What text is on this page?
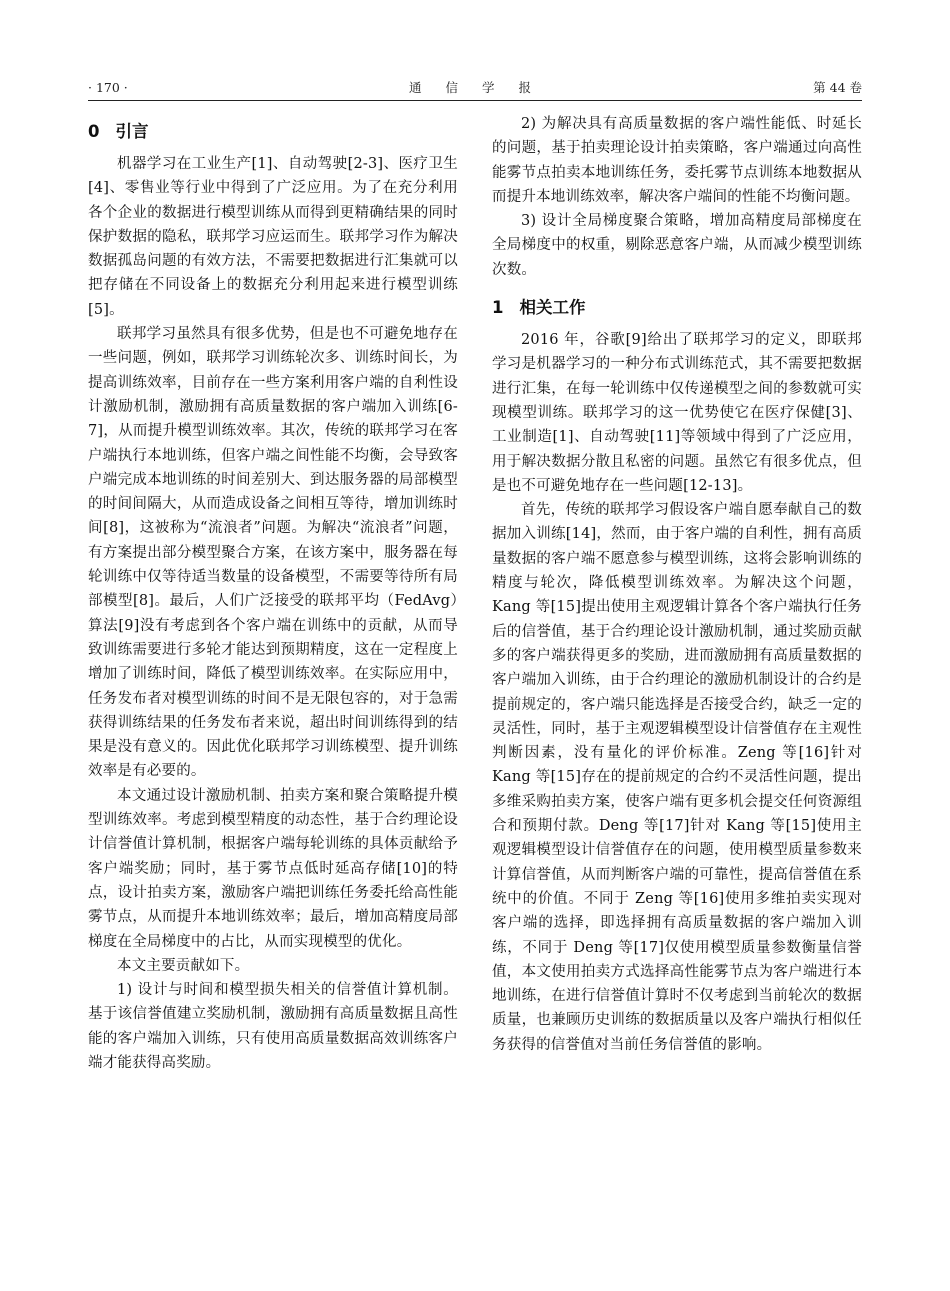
· 170 ·	通 信 学 报	第 44 卷
0 引言

机器学习在工业生产[1]、自动驾驶[2-3]、医疗卫生[4]、零售业等行业中得到了广泛应用。为了在充分利用各个企业的数据进行模型训练从而得到更精确结果的同时保护数据的隐私，联邦学习应运而生。联邦学习作为解决数据孤岛问题的有效方法，不需要把数据进行汇集就可以把存储在不同设备上的数据充分利用起来进行模型训练[5]。

联邦学习虽然具有很多优势，但是也不可避免地存在一些问题，例如，联邦学习训练轮次多、训练时间长，为提高训练效率，目前存在一些方案利用客户端的自利性设计激励机制，激励拥有高质量数据的客户端加入训练[6-7]，从而提升模型训练效率。其次，传统的联邦学习在客户端执行本地训练，但客户端之间性能不均衡，会导致客户端完成本地训练的时间差别大、到达服务器的局部模型的时间间隔大，从而造成设备之间相互等待，增加训练时间[8]，这被称为“流浪者”问题。为解决“流浪者”问题，有方案提出部分模型聚合方案，在该方案中，服务器在每轮训练中仅等待适当数量的设备模型，不需要等待所有局部模型[8]。最后，人们广泛接受的联邦平均（FedAvg）算法[9]没有考虑到各个客户端在训练中的贡献，从而导致训练需要进行多轮才能达到预期精度，这在一定程度上增加了训练时间，降低了模型训练效率。在实际应用中，任务发布者对模型训练的时间不是无限包容的，对于急需获得训练结果的任务发布者来说，超出时间训练得到的结果是没有意义的。因此优化联邦学习训练模型、提升训练效率是有必要的。

本文通过设计激励机制、拍卖方案和聚合策略提升模型训练效率。考虑到模型精度的动态性，基于合约理论设计信誉值计算机制，根据客户端每轮训练的具体贡献给予客户端奖励；同时，基于雾节点低时延高存储[10]的特点，设计拍卖方案，激励客户端把训练任务委托给高性能雾节点，从而提升本地训练效率；最后，增加高精度局部梯度在全局梯度中的占比，从而实现模型的优化。

本文主要贡献如下。

1) 设计与时间和模型损失相关的信誉值计算机制。基于该信誉值建立奖励机制，激励拥有高质量数据且高性能的客户端加入训练，只有使用高质量数据高效训练客户端才能获得高奖励。

2) 为解决具有高质量数据的客户端性能低、时延长的问题，基于拍卖理论设计拍卖策略，客户端通过向高性能雾节点拍卖本地训练任务，委托雾节点训练本地数据从而提升本地训练效率，解决客户端间的性能不均衡问题。

3) 设计全局梯度聚合策略，增加高精度局部梯度在全局梯度中的权重，剔除恶意客户端，从而减少模型训练次数。

1 相关工作

2016 年，谷歌[9]给出了联邦学习的定义，即联邦学习是机器学习的一种分布式训练范式，其不需要把数据进行汇集，在每一轮训练中仅传递模型之间的参数就可实现模型训练。联邦学习的这一优势使它在医疗保健[3]、工业制造[1]、自动驾驶[11]等领域中得到了广泛应用，用于解决数据分散且私密的问题。虽然它有很多优点，但是也不可避免地存在一些问题[12-13]。

首先，传统的联邦学习假设客户端自愿奉献自己的数据加入训练[14]，然而，由于客户端的自利性，拥有高质量数据的客户端不愿意参与模型训练，这将会影响训练的精度与轮次，降低模型训练效率。为解决这个问题，Kang 等[15]提出使用主观逻辑计算各个客户端执行任务后的信誉值，基于合约理论设计激励机制，通过奖励贡献多的客户端获得更多的奖励，进而激励拥有高质量数据的客户端加入训练，由于合约理论的激励机制设计的合约是提前规定的，客户端只能选择是否接受合约，缺乏一定的灵活性，同时，基于主观逻辑模型设计信誉值存在主观性判断因素，没有量化的评价标准。Zeng 等[16]针对 Kang 等[15]存在的提前规定的合约不灵活性问题，提出多维采购拍卖方案，使客户端有更多机会提交任何资源组合和预期付款。Deng 等[17]针对 Kang 等[15]使用主观逻辑模型设计信誉值存在的问题，使用模型质量参数来计算信誉值，从而判断客户端的可靠性，提高信誉值在系统中的价值。不同于 Zeng 等[16]使用多维拍卖实现对客户端的选择，即选择拥有高质量数据的客户端加入训练，不同于 Deng 等[17]仅使用模型质量参数衡量信誉值，本文使用拍卖方式选择高性能雾节点为客户端进行本地训练，在进行信誉值计算时不仅考虑到当前轮次的数据质量，也兼顾历史训练的数据质量以及客户端执行相似任务获得的信誉值对当前任务信誉值的影响。
